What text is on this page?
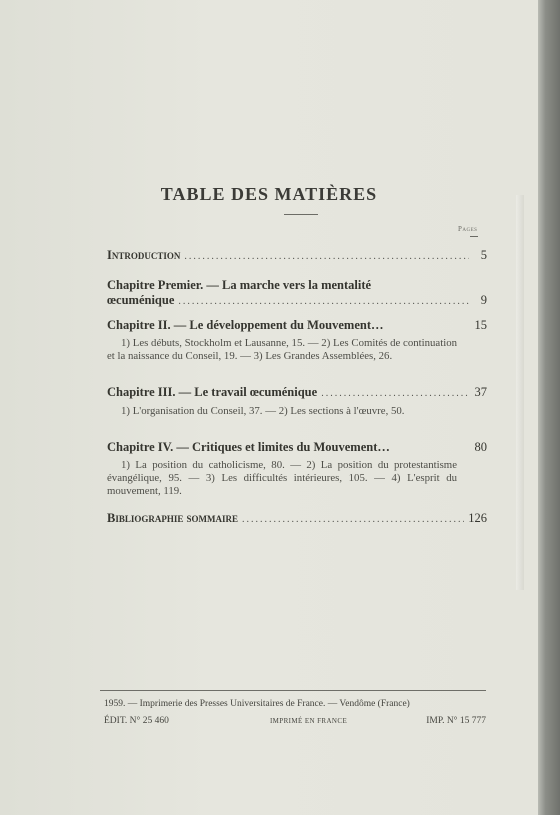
TABLE DES MATIÈRES
Pages
Introduction .....	5
Chapitre Premier. — La marche vers la mentalité
œcuménique .....	9
Chapitre II. — Le développement du Mouvement…	15

1) Les débuts, Stockholm et Lausanne, 15. — 2) Les Comités de continuation et la naissance du Conseil, 19. — 3) Les Grandes Assemblées, 26.

Chapitre III. — Le travail œcuménique .....	37

1) L'organisation du Conseil, 37. — 2) Les sections à l'œuvre, 50.

Chapitre IV. — Critiques et limites du Mouvement…	80

1) La position du catholicisme, 80. — 2) La position du protestantisme évangélique, 95. — 3) Les difficultés intérieures, 105. — 4) L'esprit du mouvement, 119.

Bibliographie sommaire .....	126

1959. — Imprimerie des Presses Universitaires de France. — Vendôme (France)

ÉDIT. N° 25 460	IMPRIMÉ EN FRANCE	IMP. N° 15 777
